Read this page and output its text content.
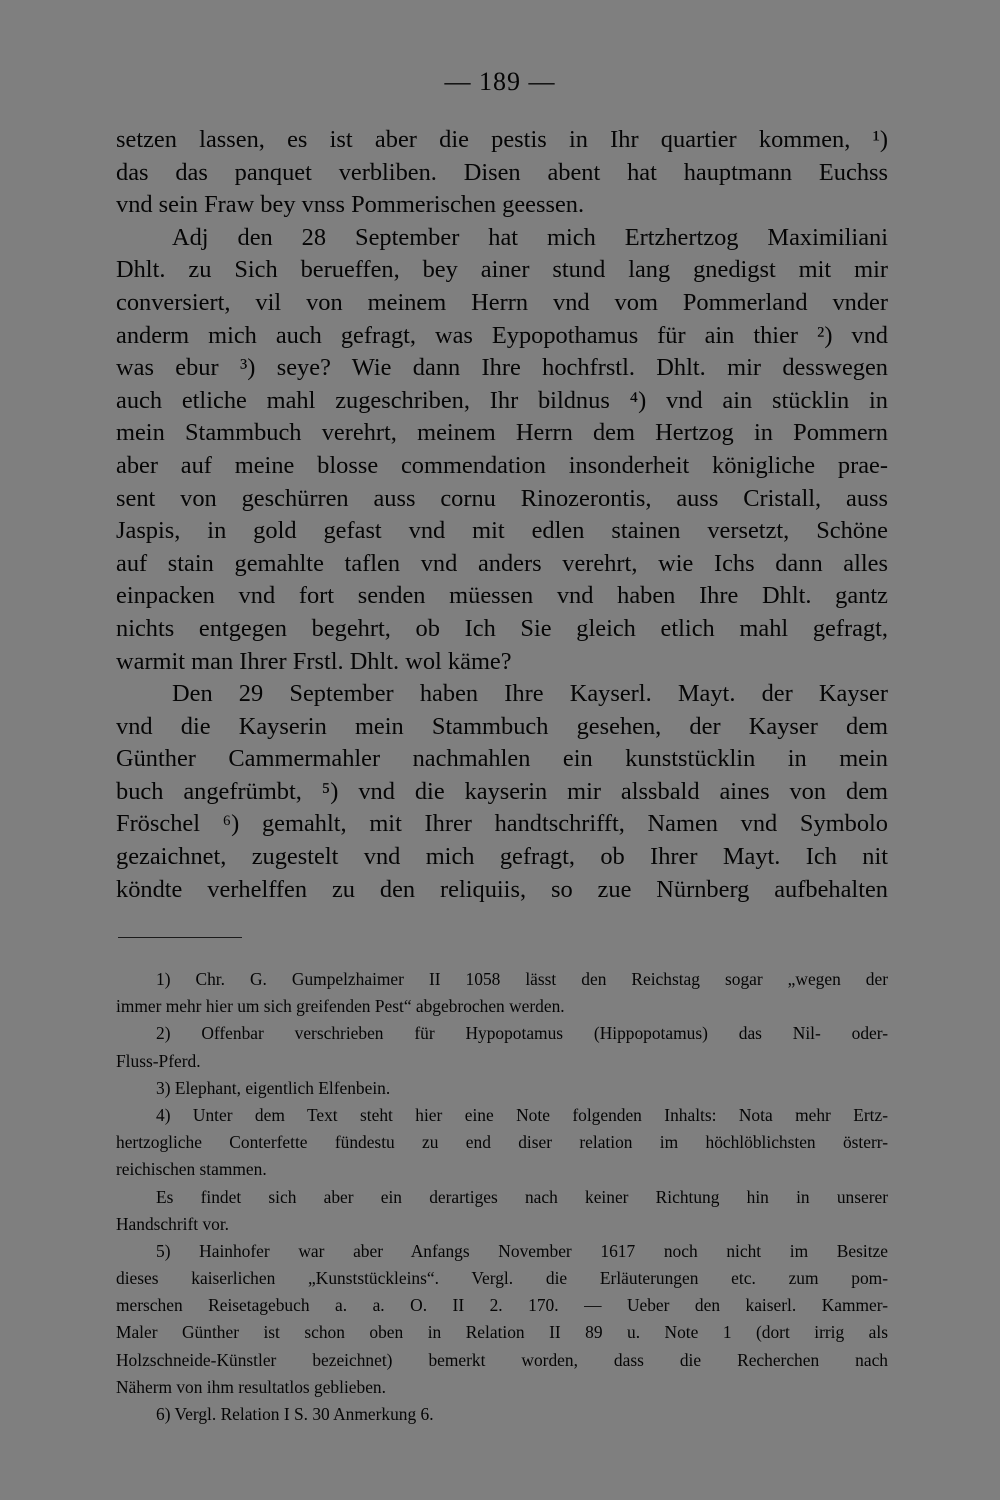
— 189 —
setzen lassen, es ist aber die pestis in Ihr quartier kommen, ¹)
das das panquet verbliben. Disen abent hat hauptmann Euchss
vnd sein Fraw bey vnss Pommerischen geessen.
Adj den 28 September hat mich Ertzhertzog Maximiliani
Dhlt. zu Sich berueffen, bey ainer stund lang gnedigst mit mir
conversiert, vil von meinem Herrn vnd vom Pommerland vnder
anderm mich auch gefragt, was Eypopothamus für ain thier ²) vnd
was ebur ³) seye? Wie dann Ihre hochfrstl. Dhlt. mir desswegen
auch etliche mahl zugeschriben, Ihr bildnus ⁴) vnd ain stücklin in
mein Stammbuch verehrt, meinem Herrn dem Hertzog in Pommern
aber auf meine blosse commendation insonderheit königliche prae-
sent von geschürren auss cornu Rinozerontis, auss Cristall, auss
Jaspis, in gold gefast vnd mit edlen stainen versetzt, Schöne
auf stain gemahlte taflen vnd anders verehrt, wie Ichs dann alles
einpacken vnd fort senden müessen vnd haben Ihre Dhlt. gantz
nichts entgegen begehrt, ob Ich Sie gleich etlich mahl gefragt,
warmit man Ihrer Frstl. Dhlt. wol käme?
Den 29 September haben Ihre Kayserl. Mayt. der Kayser
vnd die Kayserin mein Stammbuch gesehen, der Kayser dem
Günther Cammermahler nachmahlen ein kunststücklin in mein
buch angefrümbt, ⁵) vnd die kayserin mir alssbald aines von dem
Fröschel ⁶) gemahlt, mit Ihrer handtschrifft, Namen vnd Symbolo
gezaichnet, zugestelt vnd mich gefragt, ob Ihrer Mayt. Ich nit
köndte verhelffen zu den reliquiis, so zue Nürnberg aufbehalten
1) Chr. G. Gumpelzhaimer II 1058 lässt den Reichstag sogar „wegen der
immer mehr hier um sich greifenden Pest“ abgebrochen werden.
2) Offenbar verschrieben für Hypopotamus (Hippopotamus) das Nil- oder-
Fluss-Pferd.
3) Elephant, eigentlich Elfenbein.
4) Unter dem Text steht hier eine Note folgenden Inhalts: Nota mehr Ertz-
hertzogliche Conterfette fündestu zu end diser relation im höchlöblichsten österr-
reichischen stammen.
Es findet sich aber ein derartiges nach keiner Richtung hin in unserer
Handschrift vor.
5) Hainhofer war aber Anfangs November 1617 noch nicht im Besitze
dieses kaiserlichen „Kunststückleins“. Vergl. die Erläuterungen etc. zum pom-
merschen Reisetagebuch a. a. O. II 2. 170. — Ueber den kaiserl. Kammer-
Maler Günther ist schon oben in Relation II 89 u. Note 1 (dort irrig als
Holzschneide-Künstler bezeichnet) bemerkt worden, dass die Recherchen nach
Näherm von ihm resultatlos geblieben.
6) Vergl. Relation I S. 30 Anmerkung 6.
